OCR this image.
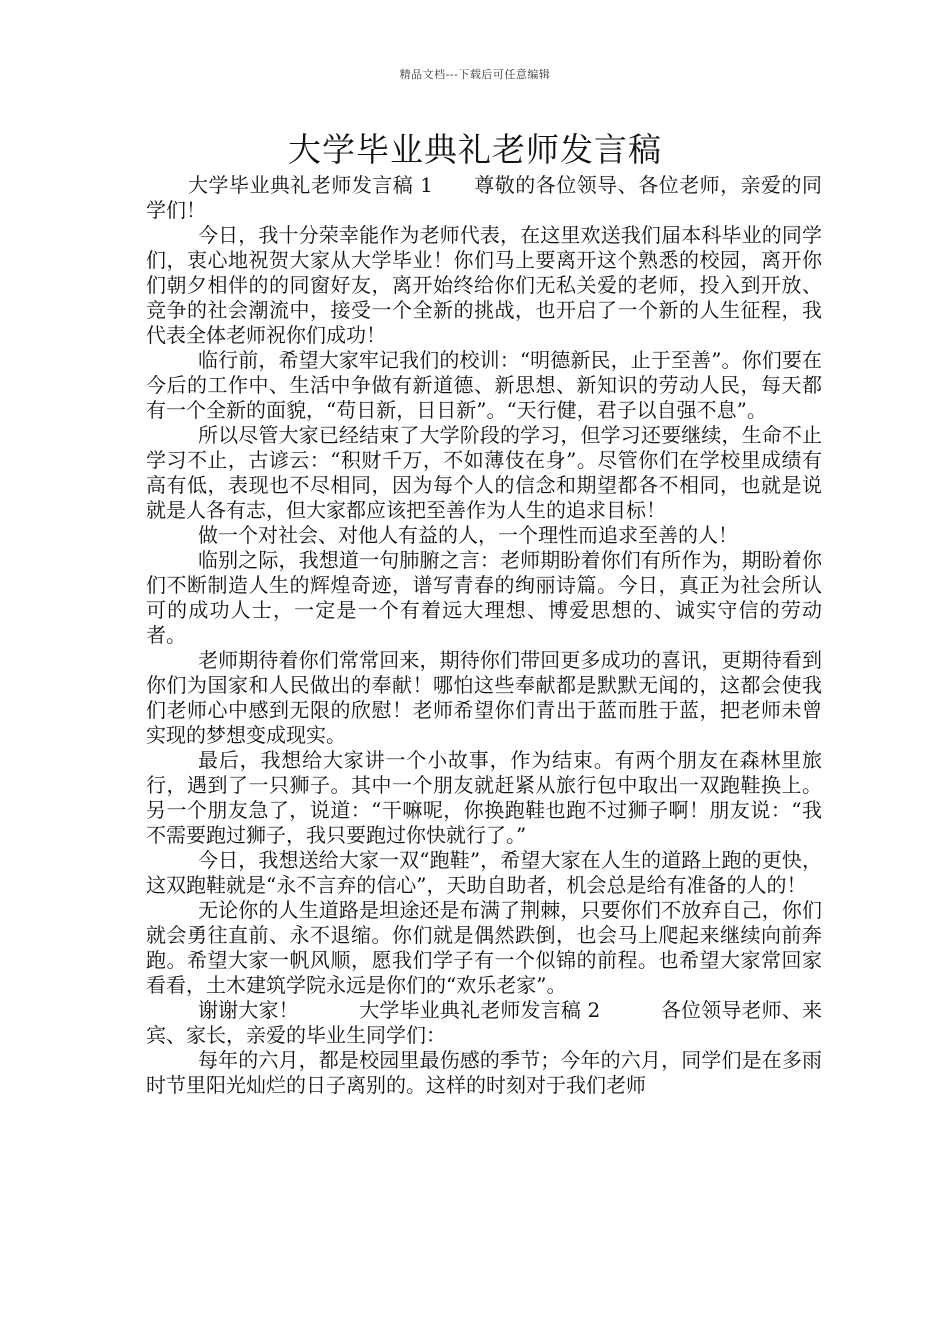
精品文档---下载后可任意编辑
大学毕业典礼老师发言稿

大学毕业典礼老师发言稿 1　　尊敬的各位领导、各位老师，亲爱的同学们！

今日，我十分荣幸能作为老师代表，在这里欢送我们届本科毕业的同学们，衷心地祝贺大家从大学毕业！你们马上要离开这个熟悉的校园，离开你们朝夕相伴的的同窗好友，离开始终给你们无私关爱的老师，投入到开放、竞争的社会潮流中，接受一个全新的挑战，也开启了一个新的人生征程，我代表全体老师祝你们成功！

临行前，希望大家牢记我们的校训：“明德新民，止于至善”。你们要在今后的工作中、生活中争做有新道德、新思想、新知识的劳动人民，每天都有一个全新的面貌，“苟日新，日日新”。“天行健，君子以自强不息”。

所以尽管大家已经结束了大学阶段的学习，但学习还要继续，生命不止学习不止，古谚云：“积财千万，不如薄伎在身”。尽管你们在学校里成绩有高有低，表现也不尽相同，因为每个人的信念和期望都各不相同，也就是说就是人各有志，但大家都应该把至善作为人生的追求目标！

做一个对社会、对他人有益的人，一个理性而追求至善的人！

临别之际，我想道一句肺腑之言：老师期盼着你们有所作为，期盼着你们不断制造人生的辉煌奇迹，谱写青春的绚丽诗篇。今日，真正为社会所认可的成功人士，一定是一个有着远大理想、博爱思想的、诚实守信的劳动者。

老师期待着你们常常回来，期待你们带回更多成功的喜讯，更期待看到你们为国家和人民做出的奉献！哪怕这些奉献都是默默无闻的，这都会使我们老师心中感到无限的欣慰！老师希望你们青出于蓝而胜于蓝，把老师未曾实现的梦想变成现实。

最后，我想给大家讲一个小故事，作为结束。有两个朋友在森林里旅行，遇到了一只狮子。其中一个朋友就赶紧从旅行包中取出一双跑鞋换上。另一个朋友急了，说道：“干嘛呢，你换跑鞋也跑不过狮子啊！朋友说：“我不需要跑过狮子，我只要跑过你快就行了。”

今日，我想送给大家一双“跑鞋”，希望大家在人生的道路上跑的更快，这双跑鞋就是“永不言弃的信心”，天助自助者，机会总是给有准备的人的！

无论你的人生道路是坦途还是布满了荆棘，只要你们不放弃自己，你们就会勇往直前、永不退缩。你们就是偶然跌倒，也会马上爬起来继续向前奔跑。希望大家一帆风顺，愿我们学子有一个似锦的前程。也希望大家常回家看看，土木建筑学院永远是你们的“欢乐老家”。

谢谢大家！　　　大学毕业典礼老师发言稿 2　　　各位领导老师、来宾、家长，亲爱的毕业生同学们：

每年的六月，都是校园里最伤感的季节；今年的六月，同学们是在多雨时节里阳光灿烂的日子离别的。这样的时刻对于我们老师
